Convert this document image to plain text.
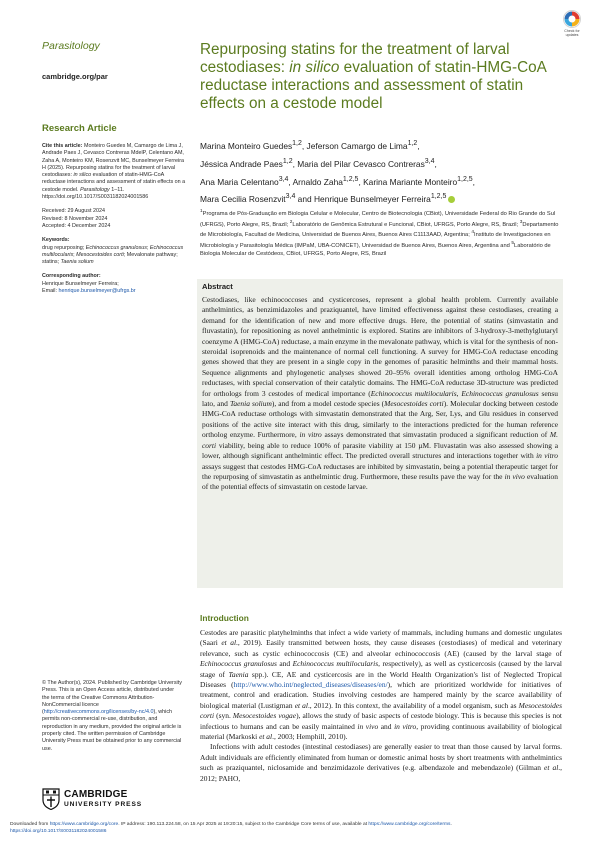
Check for
updates
Parasitology
cambridge.org/par
Research Article
Repurposing statins for the treatment of larval cestodiases: in silico evaluation of statin-HMG-CoA reductase interactions and assessment of statin effects on a cestode model
Cite this article: Monteiro Guedes M, Camargo de Lima J, Andrade Paes J, Cevasco Contreras MdelP, Celentano AM, Zaha A, Monteiro KM, Rosenzvit MC, Bunselmeyer Ferreira H (2025). Repurposing statins for the treatment of larval cestodiases: in silico evaluation of statin-HMG-CoA reductase interactions and assessment of statin effects on a cestode model. Parasitology 1–11. https://doi.org/10.1017/S0031182024001586
Received: 29 August 2024
Revised: 8 November 2024
Accepted: 4 December 2024
Keywords:
drug repurposing; Echinococcus granulosus; Echinococcus multilocularis; Mesocestoides corti; Mevalonate pathway; statins; Taenia solium
Corresponding author:
Henrique Bunselmeyer Ferreira;
Email: henrique.bunselmeyer@ufrgs.br
Marina Monteiro Guedes$^{1,2}$, Jeferson Camargo de Lima$^{1,2}$,
Jéssica Andrade Paes$^{1,2}$, Maria del Pilar Cevasco Contreras$^{3,4}$,
Ana Maria Celentano$^{3,4}$, Arnaldo Zaha$^{1,2,5}$, Karina Mariante Monteiro$^{1,2,5}$,
Mara Cecilia Rosenzvit$^{3,4}$ and Henrique Bunselmeyer Ferreira$^{1,2,5}$
$^1$Programa de Pós-Graduação em Biologia Celular e Molecular, Centro de Biotecnologia (CBiot), Universidade Federal do Rio Grande do Sul (UFRGS), Porto Alegre, RS, Brazil; $^2$Laboratório de Genômica Estrutural e Funcional, CBiot, UFRGS, Porto Alegre, RS, Brazil; $^3$Departamento de Microbiología, Facultad de Medicina, Universidad de Buenos Aires, Buenos Aires C1113AAD, Argentina; $^4$Instituto de Investigaciones en Microbiología y Parasitología Médica (IMPaM, UBA-CONICET), Universidad de Buenos Aires, Buenos Aires, Argentina and $^5$Laboratório de Biologia Molecular de Cestódeos, CBiot, UFRGS, Porto Alegre, RS, Brazil
Abstract
Cestodiases, like echinococcoses and cysticercoses, represent a global health problem. Currently available anthelmintics, as benzimidazoles and praziquantel, have limited effectiveness against these cestodiases, creating a demand for the identification of new and more effective drugs. Here, the potential of statins (simvastatin and fluvastatin), for repositioning as novel anthelmintic is explored. Statins are inhibitors of 3-hydroxy-3-methylglutaryl coenzyme A (HMG-CoA) reductase, a main enzyme in the mevalonate pathway, which is vital for the synthesis of non-steroidal isoprenoids and the maintenance of normal cell functioning. A survey for HMG-CoA reductase encoding genes showed that they are present in a single copy in the genomes of parasitic helminths and their mammal hosts. Sequence alignments and phylogenetic analyses showed 20–95% overall identities among ortholog HMG-CoA reductases, with special conservation of their catalytic domains. The HMG-CoA reductase 3D-structure was predicted for orthologs from 3 cestodes of medical importance (Echinococcus multilocularis, Echinococcus granulosus sensu lato, and Taenia solium), and from a model cestode species (Mesocestoides corti). Molecular docking between cestode HMG-CoA reductase orthologs with simvastatin demonstrated that the Arg, Ser, Lys, and Glu residues in conserved positions of the active site interact with this drug, similarly to the interactions predicted for the human reference ortholog enzyme. Furthermore, in vitro assays demonstrated that simvastatin produced a significant reduction of M. corti viability, being able to reduce 100% of parasite viability at 150 µM. Fluvastatin was also assessed showing a lower, although significant anthelmintic effect. The predicted overall structures and interactions together with in vitro assays suggest that cestodes HMG-CoA reductases are inhibited by simvastatin, being a potential therapeutic target for the repurposing of simvastatin as anthelmintic drug. Furthermore, these results pave the way for the in vivo evaluation of the potential effects of simvastatin on cestode larvae.
Introduction

Cestodes are parasitic platyhelminths that infect a wide variety of mammals, including humans and domestic ungulates (Saari et al., 2019). Easily transmitted between hosts, they cause diseases (cestodiases) of medical and veterinary relevance, such as cystic echinococcosis (CE) and alveolar echinococcosis (AE) (caused by the larval stage of Echinococcus granulosus and Echinococcus multilocularis, respectively), as well as cysticercosis (caused by the larval stage of Taenia spp.). CE, AE and cysticercosis are in the World Health Organization's list of Neglected Tropical Diseases (http://www.who.int/neglected_diseases/diseases/en/), which are prioritized worldwide for initiatives of treatment, control and eradication. Studies involving cestodes are hampered mainly by the scarce availability of biological material (Lustigman et al., 2012). In this context, the availability of a model organism, such as Mesocestoides corti (syn. Mesocestoides vogae), allows the study of basic aspects of cestode biology. This is because this species is not infectious to humans and can be easily maintained in vivo and in vitro, providing continuous availability of biological material (Markoski et al., 2003; Hemphill, 2010).

Infections with adult cestodes (intestinal cestodiases) are generally easier to treat than those caused by larval forms. Adult individuals are efficiently eliminated from human or domestic animal hosts by short treatments with anthelmintics such as praziquantel, niclosamide and benzimidazole derivatives (e.g. albendazole and mebendazole) (Gilman et al., 2012; PAHO,

© The Author(s), 2024. Published by Cambridge University Press. This is an Open Access article, distributed under the terms of the Creative Commons Attribution-NonCommercial licence (http://creativecommons.org/licenses/by-nc/4.0), which permits non-commercial re-use, distribution, and reproduction in any medium, provided the original article is properly cited. The written permission of Cambridge University Press must be obtained prior to any commercial use.
CAMBRIDGE
UNIVERSITY PRESS
Downloaded from https://www.cambridge.org/core. IP address: 190.113.224.58, on 15 Apr 2025 at 19:20:15, subject to the Cambridge Core terms of use, available at https://www.cambridge.org/core/terms.
https://doi.org/10.1017/S0031182024001586
